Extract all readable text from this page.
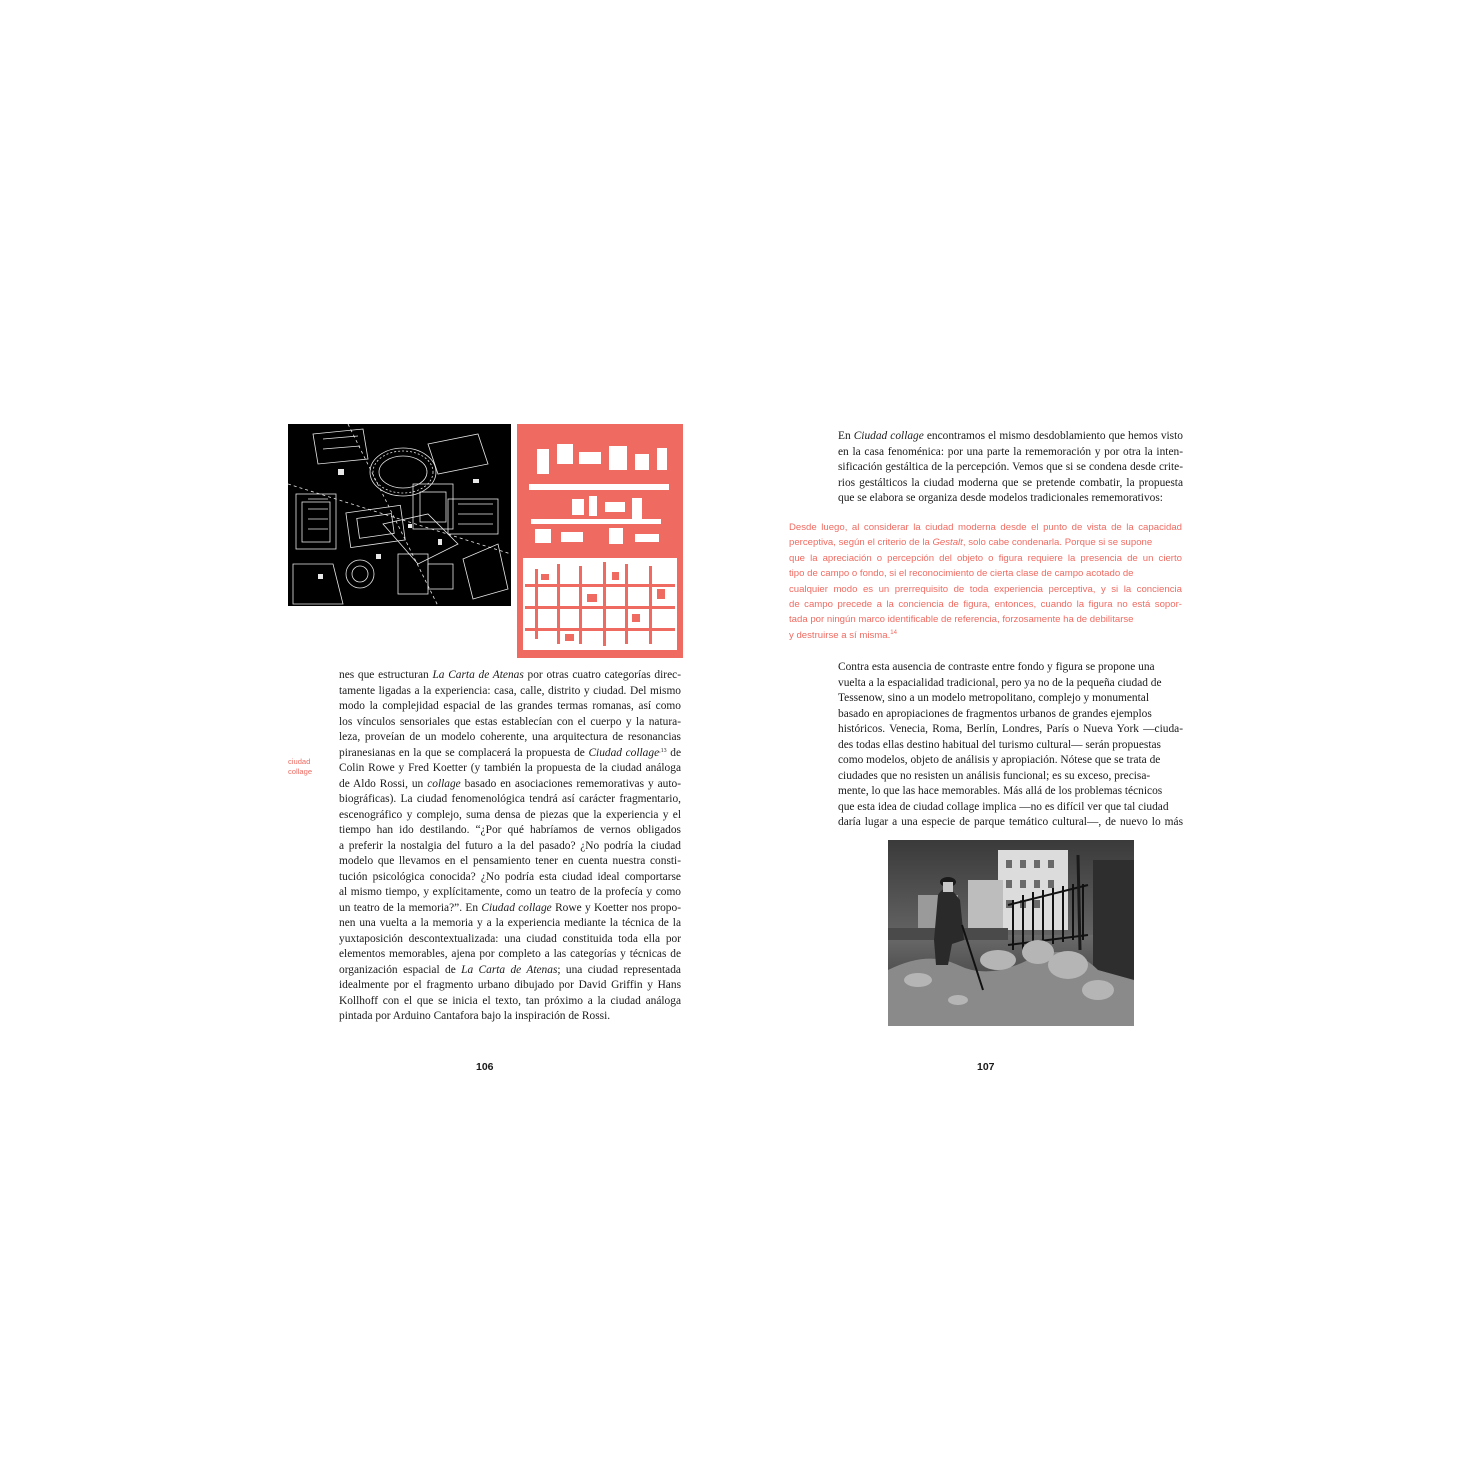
ciudad
collage
nes que estructuran La Carta de Atenas por otras cuatro categorías direc-
tamente ligadas a la experiencia: casa, calle, distrito y ciudad. Del mismo
modo la complejidad espacial de las grandes termas romanas, así como
los vínculos sensoriales que estas establecían con el cuerpo y la natura-
leza, proveían de un modelo coherente, una arquitectura de resonancias
piranesianas en la que se complacerá la propuesta de Ciudad collage$^{,13}$ de
Colin Rowe y Fred Koetter (y también la propuesta de la ciudad análoga
de Aldo Rossi, un collage basado en asociaciones rememorativas y auto-
biográficas). La ciudad fenomenológica tendrá así carácter fragmentario,
escenográfico y complejo, suma densa de piezas que la experiencia y el
tiempo han ido destilando. “¿Por qué habríamos de vernos obligados
a preferir la nostalgia del futuro a la del pasado? ¿No podría la ciudad
modelo que llevamos en el pensamiento tener en cuenta nuestra consti-
tución psicológica conocida? ¿No podría esta ciudad ideal comportarse
al mismo tiempo, y explícitamente, como un teatro de la profecía y como
un teatro de la memoria?”. En Ciudad collage Rowe y Koetter nos propo-
nen una vuelta a la memoria y a la experiencia mediante la técnica de la
yuxtaposición descontextualizada: una ciudad constituida toda ella por
elementos memorables, ajena por completo a las categorías y técnicas de
organización espacial de La Carta de Atenas; una ciudad representada
idealmente por el fragmento urbano dibujado por David Griffin y Hans
Kollhoff con el que se inicia el texto, tan próximo a la ciudad análoga
pintada por Arduino Cantafora bajo la inspiración de Rossi.
106
En Ciudad collage encontramos el mismo desdoblamiento que hemos visto
en la casa fenoménica: por una parte la rememoración y por otra la inten-
sificación gestáltica de la percepción. Vemos que si se condena desde crite-
rios gestálticos la ciudad moderna que se pretende combatir, la propuesta
que se elabora se organiza desde modelos tradicionales rememorativos:
Desde luego, al considerar la ciudad moderna desde el punto de vista de la capacidad
perceptiva, según el criterio de la Gestalt, solo cabe condenarla. Porque si se supone
que la apreciación o percepción del objeto o figura requiere la presencia de un cierto
tipo de campo o fondo, si el reconocimiento de cierta clase de campo acotado de
cualquier modo es un prerrequisito de toda experiencia perceptiva, y si la conciencia
de campo precede a la conciencia de figura, entonces, cuando la figura no está sopor-
tada por ningún marco identificable de referencia, forzosamente ha de debilitarse
y destruirse a sí misma.$^{14}$
Contra esta ausencia de contraste entre fondo y figura se propone una
vuelta a la espacialidad tradicional, pero ya no de la pequeña ciudad de
Tessenow, sino a un modelo metropolitano, complejo y monumental
basado en apropiaciones de fragmentos urbanos de grandes ejemplos
históricos. Venecia, Roma, Berlín, Londres, París o Nueva York —ciuda-
des todas ellas destino habitual del turismo cultural— serán propuestas
como modelos, objeto de análisis y apropiación. Nótese que se trata de
ciudades que no resisten un análisis funcional; es su exceso, precisa-
mente, lo que las hace memorables. Más allá de los problemas técnicos
que esta idea de ciudad collage implica —no es difícil ver que tal ciudad
daría lugar a una especie de parque temático cultural—, de nuevo lo más
107
